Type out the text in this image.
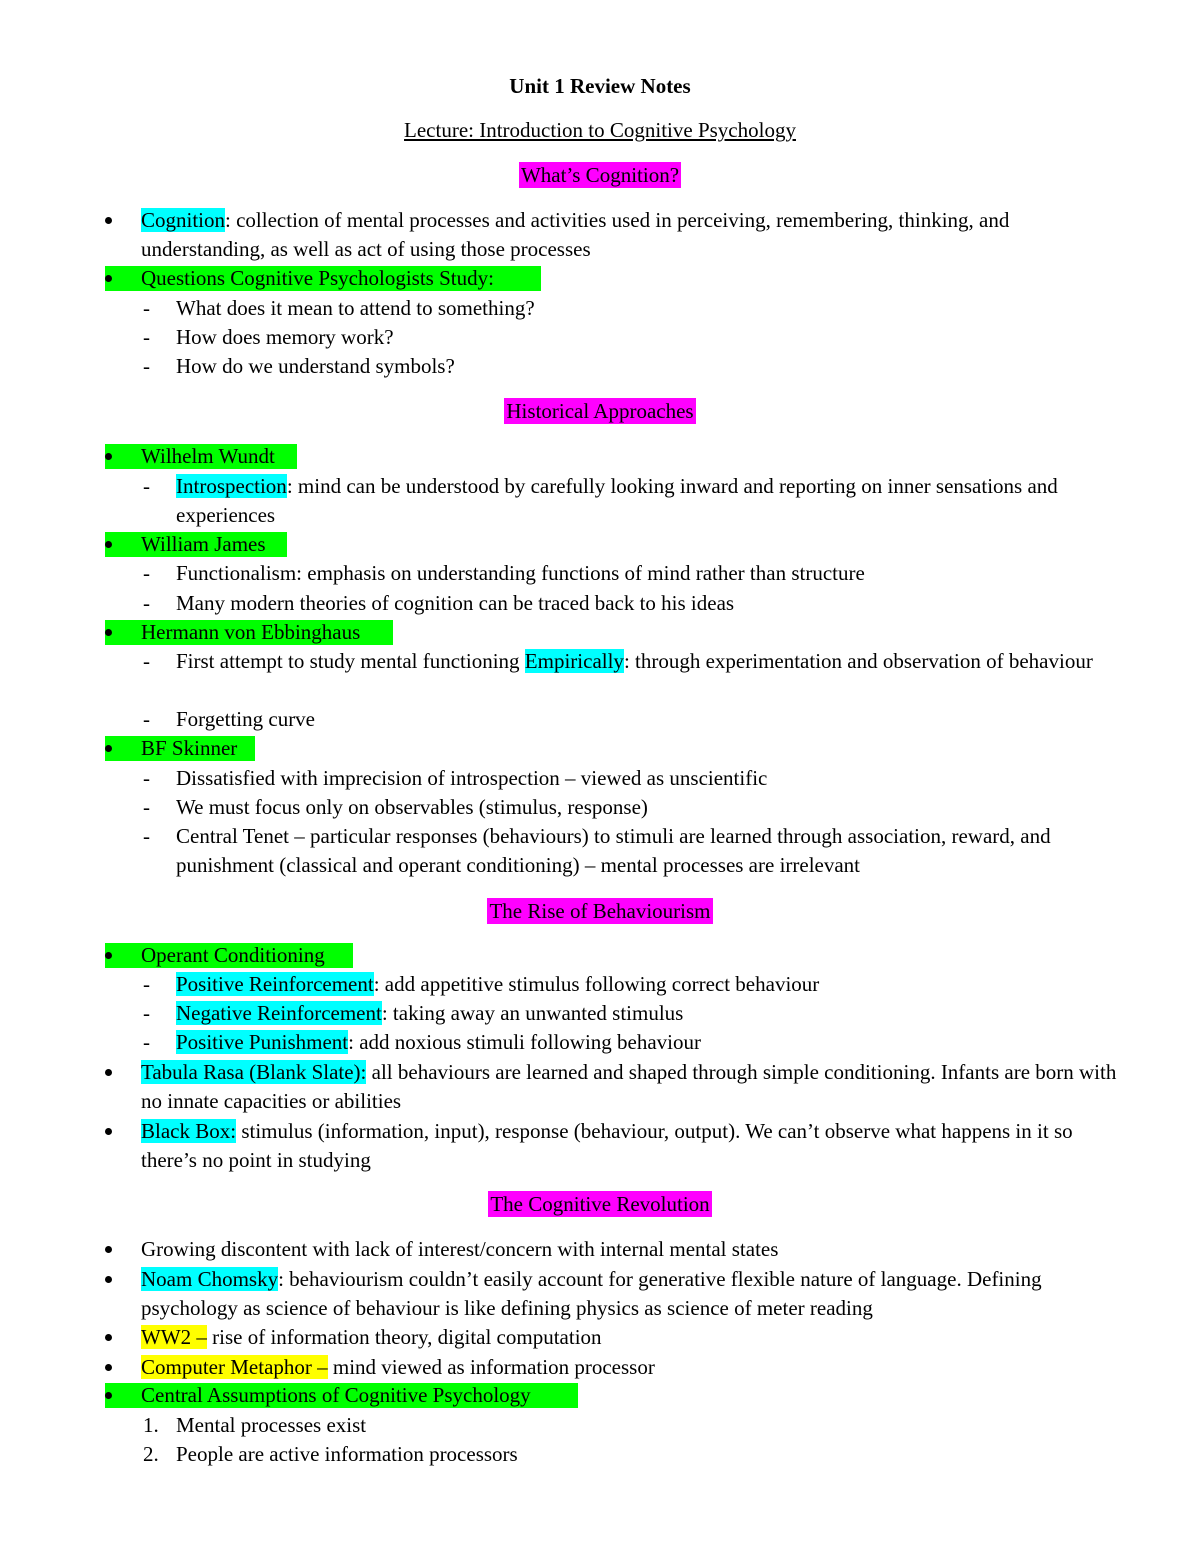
Unit 1 Review Notes
Lecture: Introduction to Cognitive Psychology
What’s Cognition?
Cognition: collection of mental processes and activities used in perceiving, remembering, thinking, and understanding, as well as act of using those processes
Questions Cognitive Psychologists Study:
-	What does it mean to attend to something?
-	How does memory work?
-	How do we understand symbols?
Historical Approaches
Wilhelm Wundt
-	Introspection: mind can be understood by carefully looking inward and reporting on inner sensations and experiences
William James
-	Functionalism: emphasis on understanding functions of mind rather than structure
-	Many modern theories of cognition can be traced back to his ideas
Hermann von Ebbinghaus
-	First attempt to study mental functioning Empirically: through experimentation and observation of behaviour
-	Forgetting curve
BF Skinner
-	Dissatisfied with imprecision of introspection – viewed as unscientific
-	We must focus only on observables (stimulus, response)
-	Central Tenet – particular responses (behaviours) to stimuli are learned through association, reward, and punishment (classical and operant conditioning) – mental processes are irrelevant
The Rise of Behaviourism
Operant Conditioning
-	Positive Reinforcement: add appetitive stimulus following correct behaviour
-	Negative Reinforcement: taking away an unwanted stimulus
-	Positive Punishment: add noxious stimuli following behaviour
Tabula Rasa (Blank Slate): all behaviours are learned and shaped through simple conditioning. Infants are born with no innate capacities or abilities
Black Box: stimulus (information, input), response (behaviour, output). We can’t observe what happens in it so there’s no point in studying
The Cognitive Revolution
Growing discontent with lack of interest/concern with internal mental states
Noam Chomsky: behaviourism couldn’t easily account for generative flexible nature of language. Defining psychology as science of behaviour is like defining physics as science of meter reading
WW2 – rise of information theory, digital computation
Computer Metaphor – mind viewed as information processor
Central Assumptions of Cognitive Psychology
1. Mental processes exist
2. People are active information processors
